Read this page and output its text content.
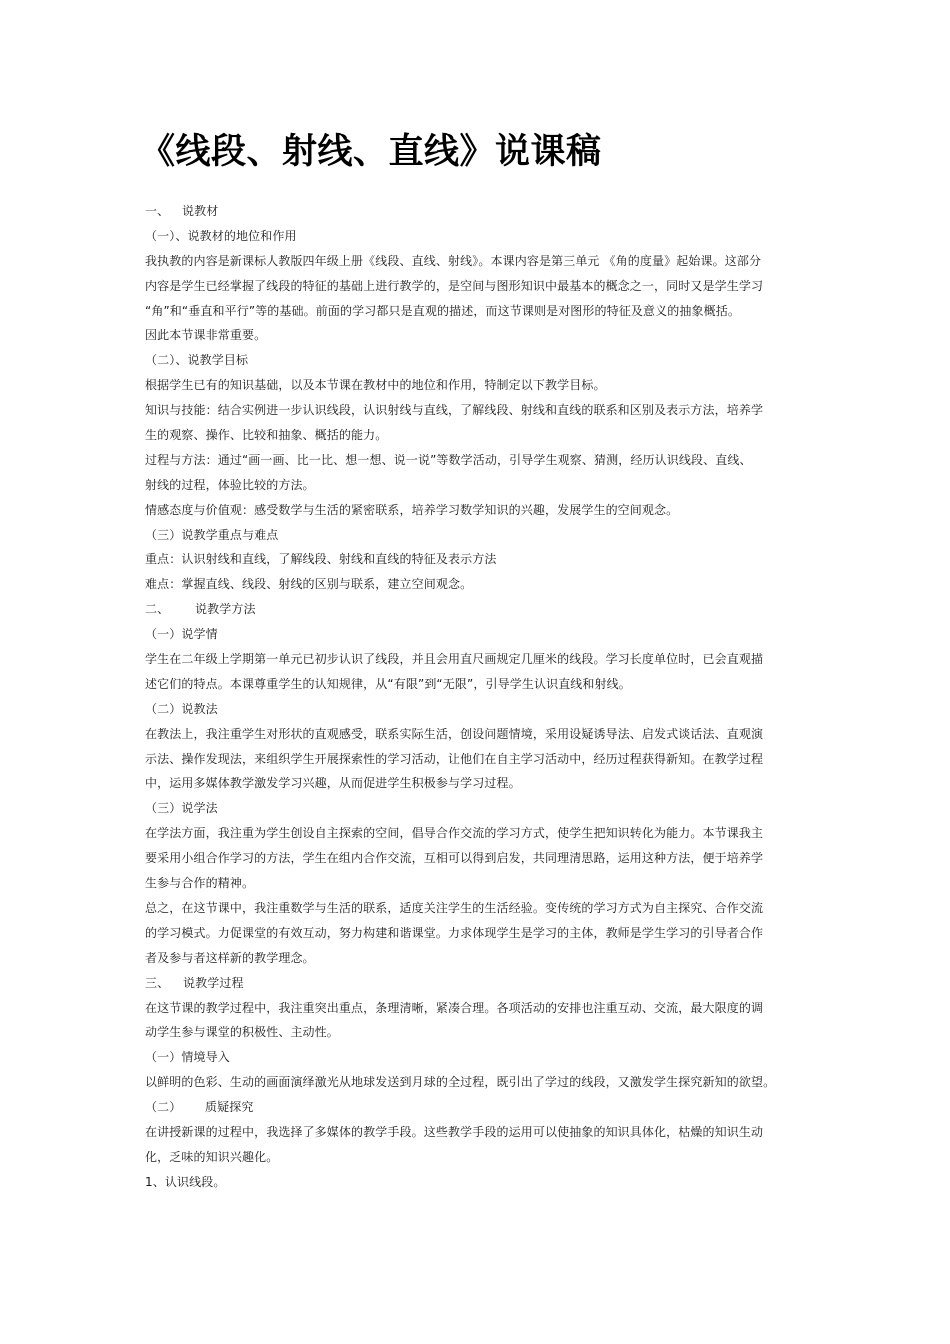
《线段、射线、直线》说课稿
一、 说教材
（一）、说教材的地位和作用
我执教的内容是新课标人教版四年级上册《线段、直线、射线》。本课内容是第三单元 《角的度量》起始课。这部分
内容是学生已经掌握了线段的特征的基础上进行教学的，是空间与图形知识中最基本的概念之一，同时又是学生学习
“角”和“垂直和平行”等的基础。前面的学习都只是直观的描述，而这节课则是对图形的特征及意义的抽象概括。
因此本节课非常重要。
（二）、说教学目标
根据学生已有的知识基础，以及本节课在教材中的地位和作用，特制定以下教学目标。
知识与技能：结合实例进一步认识线段，认识射线与直线，了解线段、射线和直线的联系和区别及表示方法，培养学
生的观察、操作、比较和抽象、概括的能力。
过程与方法：通过“画一画、比一比、想一想、说一说”等数学活动，引导学生观察、猜测，经历认识线段、直线、
射线的过程，体验比较的方法。
情感态度与价值观：感受数学与生活的紧密联系，培养学习数学知识的兴趣，发展学生的空间观念。
（三）说教学重点与难点
重点：认识射线和直线，了解线段、射线和直线的特征及表示方法
难点：掌握直线、线段、射线的区别与联系，建立空间观念。
二、 说教学方法
（一）说学情
学生在二年级上学期第一单元已初步认识了线段，并且会用直尺画规定几厘米的线段。学习长度单位时，已会直观描
述它们的特点。本课尊重学生的认知规律，从“有限”到“无限”，引导学生认识直线和射线。
（二）说教法
在教法上，我注重学生对形状的直观感受，联系实际生活，创设问题情境，采用设疑诱导法、启发式谈话法、直观演
示法、操作发现法，来组织学生开展探索性的学习活动，让他们在自主学习活动中，经历过程获得新知。在教学过程
中，运用多媒体教学激发学习兴趣，从而促进学生积极参与学习过程。
（三）说学法
在学法方面，我注重为学生创设自主探索的空间，倡导合作交流的学习方式，使学生把知识转化为能力。本节课我主
要采用小组合作学习的方法，学生在组内合作交流，互相可以得到启发，共同理清思路，运用这种方法，便于培养学
生参与合作的精神。
总之，在这节课中，我注重数学与生活的联系，适度关注学生的生活经验。变传统的学习方式为自主探究、合作交流
的学习模式。力促课堂的有效互动，努力构建和谐课堂。力求体现学生是学习的主体，教师是学生学习的引导者合作
者及参与者这样新的教学理念。
三、 说教学过程
在这节课的教学过程中，我注重突出重点，条理清晰，紧凑合理。各项活动的安排也注重互动、交流，最大限度的调
动学生参与课堂的积极性、主动性。
（一）情境导入
以鲜明的色彩、生动的画面演绎激光从地球发送到月球的全过程，既引出了学过的线段，又激发学生探究新知的欲望。
（二） 质疑探究
在讲授新课的过程中，我选择了多媒体的教学手段。这些教学手段的运用可以使抽象的知识具体化，枯燥的知识生动
化，乏味的知识兴趣化。
1、认识线段。
